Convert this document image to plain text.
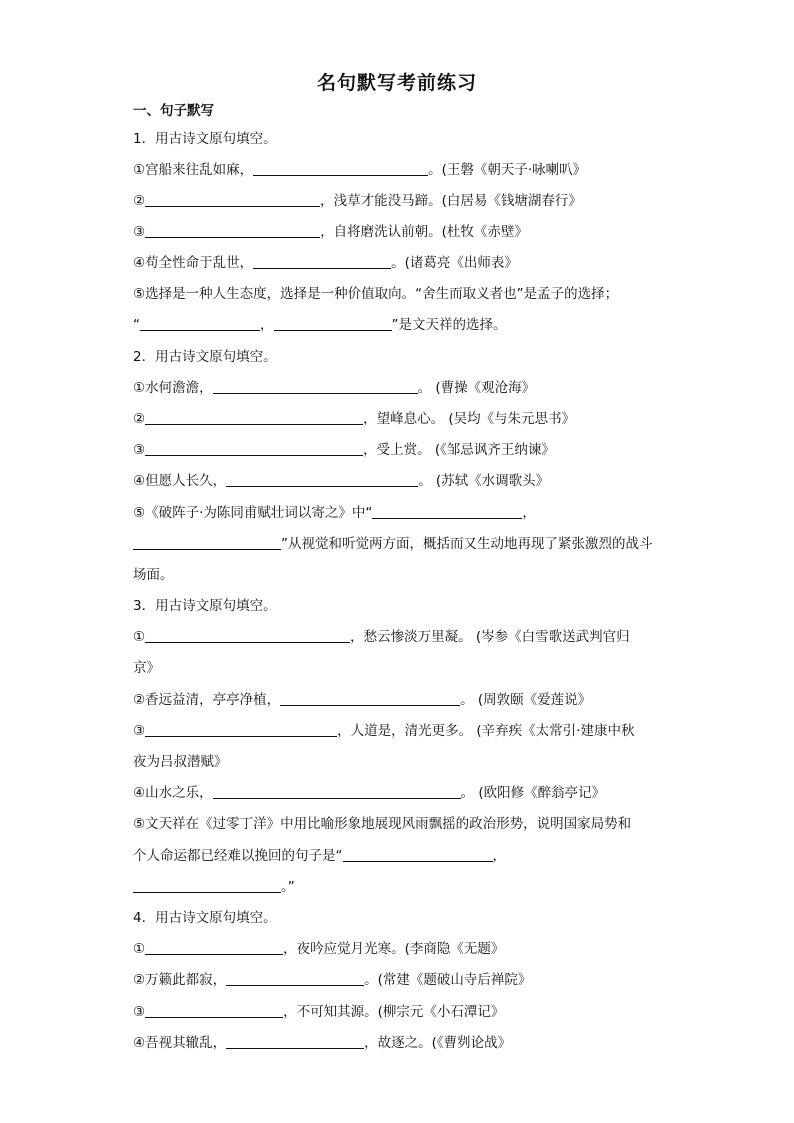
名句默写考前练习
一、句子默写
1．用古诗文原句填空。
①宫船来往乱如麻，	。(王磐《朝天子·咏喇叭》
②	，浅草才能没马蹄。(白居易《钱塘湖春行》
③	，自将磨洗认前朝。(杜牧《赤壁》
④苟全性命于乱世，	。(诸葛亮《出师表》
⑤选择是一种人生态度，选择是一种价值取向。“舍生而取义者也”是孟子的选择；
“	，	”是文天祥的选择。
2．用古诗文原句填空。
①水何澹澹，	。 (曹操《观沧海》
②	，望峰息心。 (吴均《与朱元思书》
③	，受上赏。 (《邹忌讽齐王纳谏》
④但愿人长久，	。 (苏轼《水调歌头》
⑤《破阵子·为陈同甫赋壮词以寄之》中“	，
”从视觉和听觉两方面，概括而又生动地再现了紧张激烈的战斗
场面。
3．用古诗文原句填空。
①	，愁云惨淡万里凝。 (岑参《白雪歌送武判官归
京》
②香远益清，亭亭净植，	。 (周敦颐《爱莲说》
③	，人道是，清光更多。 (辛弃疾《太常引·建康中秋
夜为吕叔潜赋》
④山水之乐，	。 (欧阳修《醉翁亭记》
⑤文天祥在《过零丁洋》中用比喻形象地展现风雨飘摇的政治形势，说明国家局势和
个人命运都已经难以挽回的句子是“	，
。”
4．用古诗文原句填空。
①	，夜吟应觉月光寒。(李商隐《无题》
②万籁此都寂，	。(常建《题破山寺后禅院》
③	，不可知其源。(柳宗元《小石潭记》
④吾视其辙乱，	，故逐之。(《曹刿论战》
